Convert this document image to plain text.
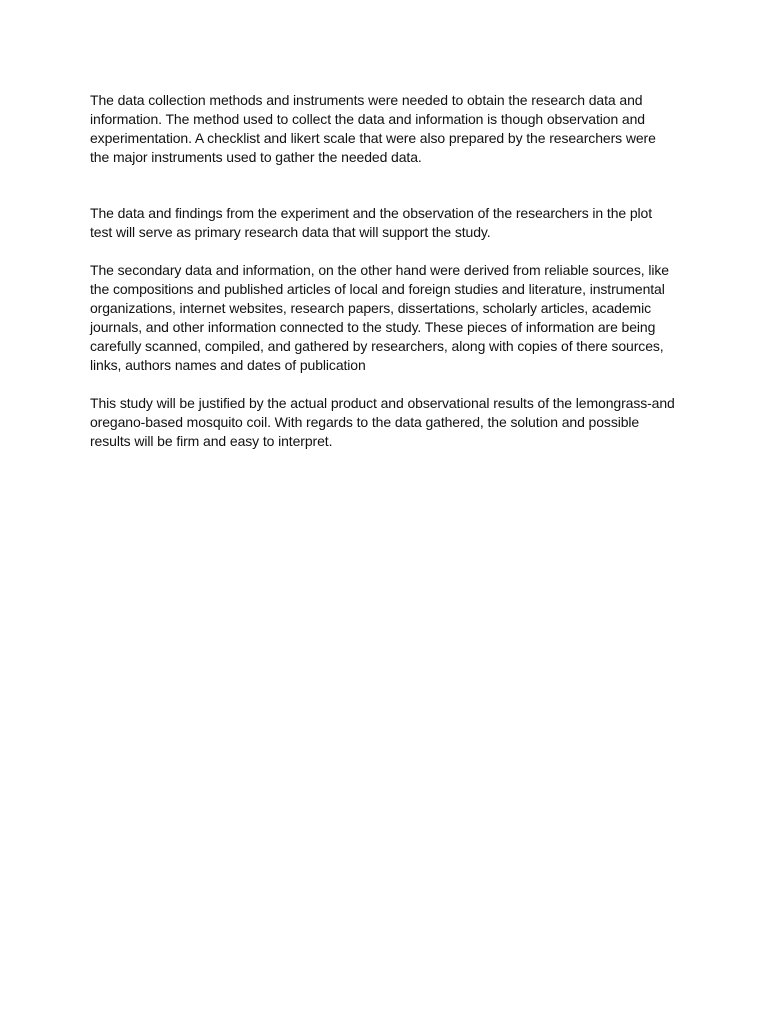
The data collection methods and instruments were needed to obtain the research data and
information. The method used to collect the data and information is though observation and
experimentation. A checklist and likert scale that were also prepared by the researchers were
the major instruments used to gather the needed data.

The data and findings from the experiment and the observation of the researchers in the plot
test will serve as primary research data that will support the study.

The secondary data and information, on the other hand were derived from reliable sources, like
the compositions and published articles of local and foreign studies and literature, instrumental
organizations, internet websites, research papers, dissertations, scholarly articles, academic
journals, and other information connected to the study. These pieces of information are being
carefully scanned, compiled, and gathered by researchers, along with copies of there sources,
links, authors names and dates of publication

This study will be justified by the actual product and observational results of the lemongrass-and
oregano-based mosquito coil. With regards to the data gathered, the solution and possible
results will be firm and easy to interpret.
